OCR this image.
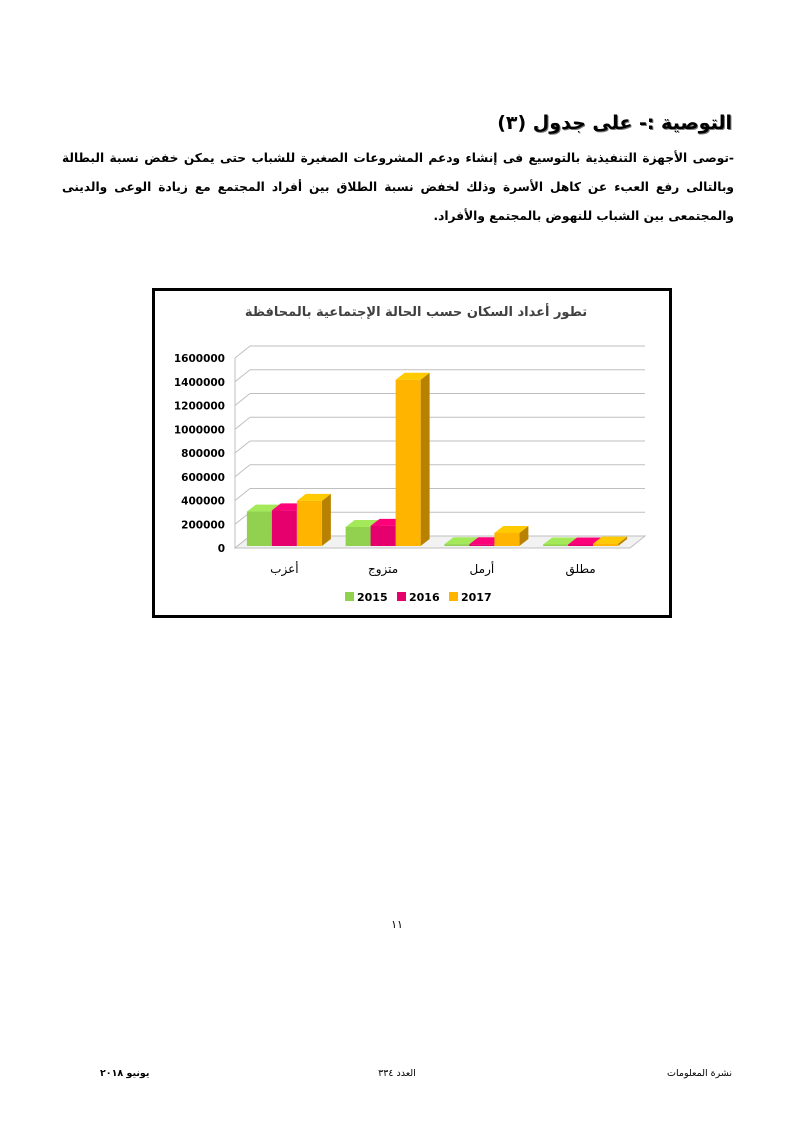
التوصية :- على جدول (٣)

-توصى الأجهزة التنفيذية بالتوسيع فى إنشاء ودعم المشروعات الصغيرة للشباب حتى يمكن خفض نسبة البطالة وبالتالى رفع العبء عن كاهل الأسرة وذلك لخفض نسبة الطلاق بين أفراد المجتمع مع زيادة الوعى والدينى والمجتمعى بين الشباب للنهوض بالمجتمع والأفراد.

تطور أعداد السكان حسب الحالة الإجتماعية بالمحافظة
0
200000
400000
600000
800000
1000000
1200000
1400000
1600000
أعزب	متزوج	أرمل	مطلق
2015 2016 2017
١١
نشرة المعلومات
العدد ٣٣٤
يونيو ٢٠١٨
